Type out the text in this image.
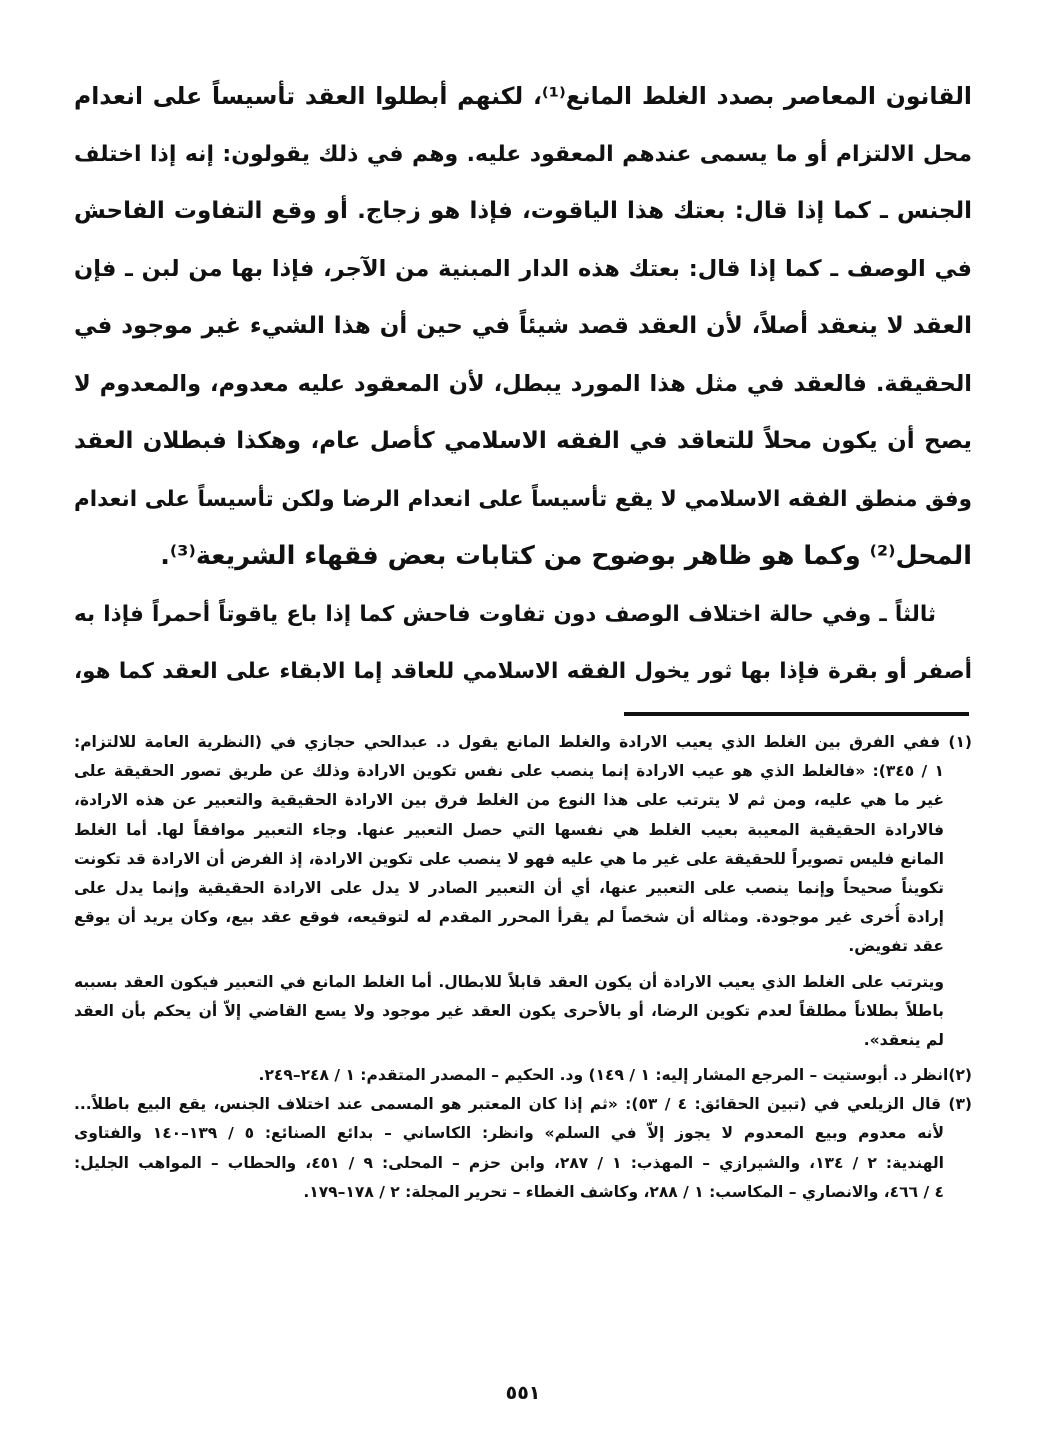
القانون المعاصر بصدد الغلط المانع⁽¹⁾، لكنهم أبطلوا العقد تأسيساً على انعدام
محل الالتزام أو ما يسمى عندهم المعقود عليه. وهم في ذلك يقولون: إنه إذا اختلف
الجنس ـ كما إذا قال: بعتك هذا الياقوت، فإذا هو زجاج. أو وقع التفاوت الفاحش
في الوصف ـ كما إذا قال: بعتك هذه الدار المبنية من الآجر، فإذا بها من لبن ـ فإن
العقد لا ينعقد أصلاً، لأن العقد قصد شيئاً في حين أن هذا الشيء غير موجود في
الحقيقة. فالعقد في مثل هذا المورد يبطل، لأن المعقود عليه معدوم، والمعدوم لا
يصح أن يكون محلاً للتعاقد في الفقه الاسلامي كأصل عام، وهكذا فبطلان العقد
وفق منطق الفقه الاسلامي لا يقع تأسيساً على انعدام الرضا ولكن تأسيساً على انعدام
المحل⁽²⁾ وكما هو ظاهر بوضوح من كتابات بعض فقهاء الشريعة⁽³⁾.
ثالثاً ـ وفي حالة اختلاف الوصف دون تفاوت فاحش كما إذا باع ياقوتاً أحمراً فإذا به
أصفر أو بقرة فإذا بها ثور يخول الفقه الاسلامي للعاقد إما الابقاء على العقد كما هو،
(١) ففي الفرق بين الغلط الذي يعيب الارادة والغلط المانع يقول د. عبدالحي حجازي في (النظرية العامة للالتزام:
١ / ٣٤٥): «فالغلط الذي هو عيب الارادة إنما ينصب على نفس تكوين الارادة وذلك عن طريق تصور الحقيقة على
غير ما هي عليه، ومن ثم لا يترتب على هذا النوع من الغلط فرق بين الارادة الحقيقية والتعبير عن هذه الارادة،
فالارادة الحقيقية المعيبة بعيب الغلط هي نفسها التي حصل التعبير عنها. وجاء التعبير موافقاً لها. أما الغلط
المانع فليس تصويراً للحقيقة على غير ما هي عليه فهو لا ينصب على تكوين الارادة، إذ الفرض أن الارادة قد تكونت
تكويناً صحيحاً وإنما ينصب على التعبير عنها، أي أن التعبير الصادر لا يدل على الارادة الحقيقية وإنما يدل على
إرادة أُخرى غير موجودة. ومثاله أن شخصاً لم يقرأ المحرر المقدم له لتوقيعه، فوقع عقد بيع، وكان يريد أن يوقع
عقد تفويض.
ويترتب على الغلط الذي يعيب الارادة أن يكون العقد قابلاً للابطال. أما الغلط المانع في التعبير فيكون العقد بسببه
باطلاً بطلاناً مطلقاً لعدم تكوين الرضا، أو بالأحرى يكون العقد غير موجود ولا يسع القاضي إلاّ أن يحكم بأن العقد
لم ينعقد».
(٢)انظر د. أبوستيت – المرجع المشار إليه: ١ / ١٤٩) ود. الحكيم – المصدر المتقدم: ١ / ٢٤٨–٢٤٩.
(٣) قال الزيلعي في (تبين الحقائق: ٤ / ٥٣): «ثم إذا كان المعتبر هو المسمى عند اختلاف الجنس، يقع البيع باطلاً...
لأنه معدوم وبيع المعدوم لا يجوز إلاّ في السلم» وانظر: الكاساني – بدائع الصنائع: ٥ / ١٣٩–١٤٠ والفتاوى
الهندية: ٢ / ١٣٤، والشيرازي – المهذب: ١ / ٢٨٧، وابن حزم – المحلى: ٩ / ٤٥١، والحطاب – المواهب الجليل:
٤ / ٤٦٦، والانصاري – المكاسب: ١ / ٢٨٨، وكاشف الغطاء – تحرير المجلة: ٢ / ١٧٨–١٧٩.
٥٥١
